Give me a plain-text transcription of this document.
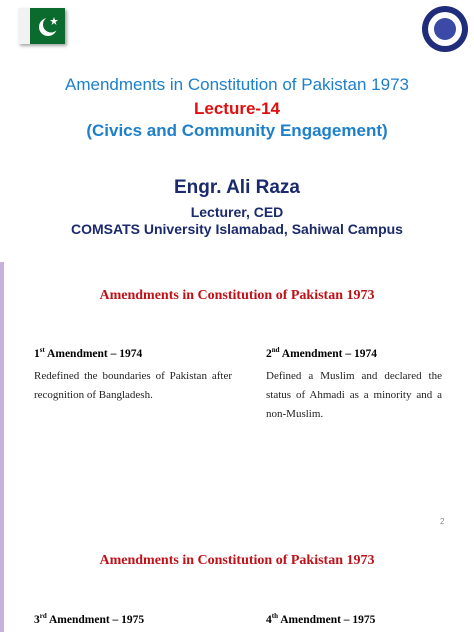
Amendments in Constitution of Pakistan 1973
Lecture-14
(Civics and Community Engagement)
Engr. Ali Raza
Lecturer, CED
COMSATS University Islamabad, Sahiwal Campus
Amendments in Constitution of Pakistan 1973
1st Amendment – 1974	2nd Amendment – 1974
Redefined the boundaries of Pakistan after recognition of Bangladesh.
Defined a Muslim and declared the status of Ahmadi as a minority and a non-Muslim.
2
Amendments in Constitution of Pakistan 1973
3rd Amendment – 1975	4th Amendment – 1975
